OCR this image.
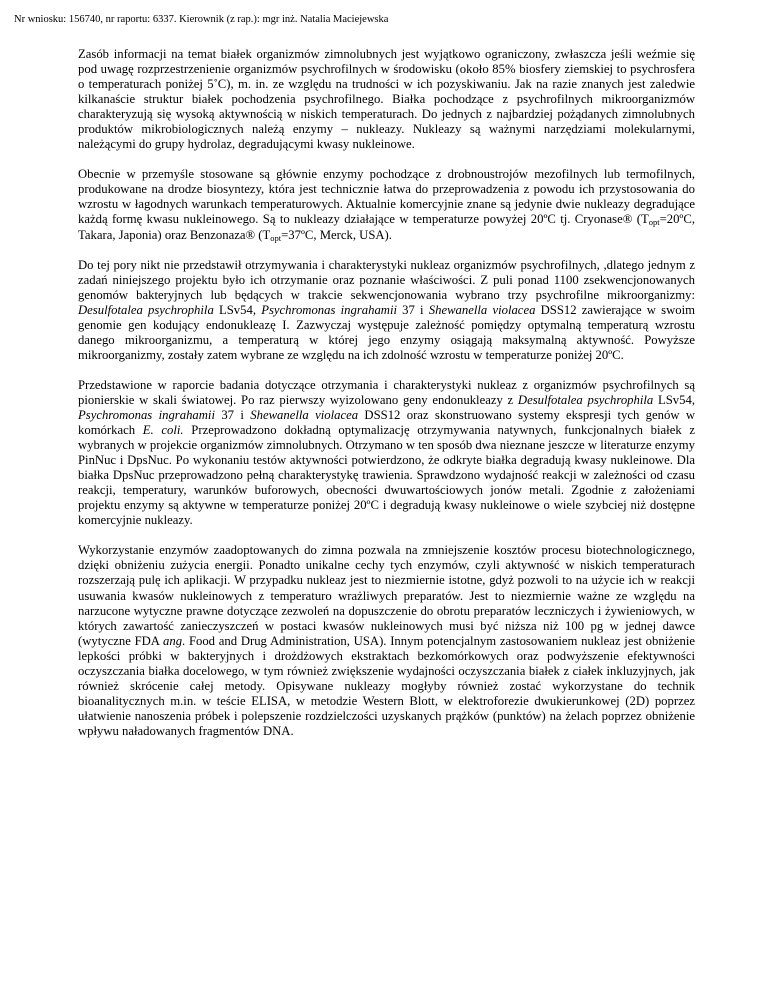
Nr wniosku: 156740, nr raportu: 6337. Kierownik (z rap.): mgr inż. Natalia Maciejewska

Zasób informacji na temat białek organizmów zimnolubnych jest wyjątkowo ograniczony, zwłaszcza jeśli weźmie się pod uwagę rozprzestrzenienie organizmów psychrofilnych w środowisku (około 85% biosfery ziemskiej to psychrosfera o temperaturach poniżej 5˚C), m. in. ze względu na trudności w ich pozyskiwaniu. Jak na razie znanych jest zaledwie kilkanaście struktur białek pochodzenia psychrofilnego. Białka pochodzące z psychrofilnych mikroorganizmów charakteryzują się wysoką aktywnością w niskich temperaturach. Do jednych z najbardziej pożądanych zimnolubnych produktów mikrobiologicznych należą enzymy – nukleazy. Nukleazy są ważnymi narzędziami molekularnymi, należącymi do grupy hydrolaz, degradującymi kwasy nukleinowe.

Obecnie w przemyśle stosowane są głównie enzymy pochodzące z drobnoustrojów mezofilnych lub termofilnych, produkowane na drodze biosyntezy, która jest technicznie łatwa do przeprowadzenia z powodu ich przystosowania do wzrostu w łagodnych warunkach temperaturowych. Aktualnie komercyjnie znane są jedynie dwie nukleazy degradujące każdą formę kwasu nukleinowego. Są to nukleazy działające w temperaturze powyżej 20ºC tj. Cryonase® ($T_{opt}=20ºC$, Takara, Japonia) oraz Benzonaza® ($T_{opt}=37ºC$, Merck, USA).

Do tej pory nikt nie przedstawił otrzymywania i charakterystyki nukleaz organizmów psychrofilnych, ,dlatego jednym z zadań niniejszego projektu było ich otrzymanie oraz poznanie właściwości. Z puli ponad 1100 zsekwencjonowanych genomów bakteryjnych lub będących w trakcie sekwencjonowania wybrano trzy psychrofilne mikroorganizmy: Desulfotalea psychrophila LSv54, Psychromonas ingrahamii 37 i Shewanella violacea DSS12 zawierające w swoim genomie gen kodujący endonukleazę I. Zazwyczaj występuje zależność pomiędzy optymalną temperaturą wzrostu danego mikroorganizmu, a temperaturą w której jego enzymy osiągają maksymalną aktywność. Powyższe mikroorganizmy, zostały zatem wybrane ze względu na ich zdolność wzrostu w temperaturze poniżej 20ºC.

Przedstawione w raporcie badania dotyczące otrzymania i charakterystyki nukleaz z organizmów psychrofilnych są pionierskie w skali światowej. Po raz pierwszy wyizolowano geny endonukleazy z Desulfotalea psychrophila LSv54, Psychromonas ingrahamii 37 i Shewanella violacea DSS12 oraz skonstruowano systemy ekspresji tych genów w komórkach E. coli. Przeprowadzono dokładną optymalizację otrzymywania natywnych, funkcjonalnych białek z wybranych w projekcie organizmów zimnolubnych. Otrzymano w ten sposób dwa nieznane jeszcze w literaturze enzymy PinNuc i DpsNuc. Po wykonaniu testów aktywności potwierdzono, że odkryte białka degradują kwasy nukleinowe. Dla białka DpsNuc przeprowadzono pełną charakterystykę trawienia. Sprawdzono wydajność reakcji w zależności od czasu reakcji, temperatury, warunków buforowych, obecności dwuwartościowych jonów metali. Zgodnie z założeniami projektu enzymy są aktywne w temperaturze poniżej 20ºC i degradują kwasy nukleinowe o wiele szybciej niż dostępne komercyjnie nukleazy.

Wykorzystanie enzymów zaadoptowanych do zimna pozwala na zmniejszenie kosztów procesu biotechnologicznego, dzięki obniżeniu zużycia energii. Ponadto unikalne cechy tych enzymów, czyli aktywność w niskich temperaturach rozszerzają pulę ich aplikacji. W przypadku nukleaz jest to niezmiernie istotne, gdyż pozwoli to na użycie ich w reakcji usuwania kwasów nukleinowych z temperaturo wrażliwych preparatów. Jest to niezmiernie ważne ze względu na narzucone wytyczne prawne dotyczące zezwoleń na dopuszczenie do obrotu preparatów leczniczych i żywieniowych, w których zawartość zanieczyszczeń w postaci kwasów nukleinowych musi być niższa niż 100 pg w jednej dawce (wytyczne FDA ang. Food and Drug Administration, USA). Innym potencjalnym zastosowaniem nukleaz jest obniżenie lepkości próbki w bakteryjnych i drożdżowych ekstraktach bezkomórkowych oraz podwyższenie efektywności oczyszczania białka docelowego, w tym również zwiększenie wydajności oczyszczania białek z ciałek inkluzyjnych, jak również skrócenie całej metody. Opisywane nukleazy mogłyby również zostać wykorzystane do technik bioanalitycznych m.in. w teście ELISA, w metodzie Western Blott, w elektroforezie dwukierunkowej (2D) poprzez ułatwienie nanoszenia próbek i polepszenie rozdzielczości uzyskanych prążków (punktów) na żelach poprzez obniżenie wpływu naładowanych fragmentów DNA.
